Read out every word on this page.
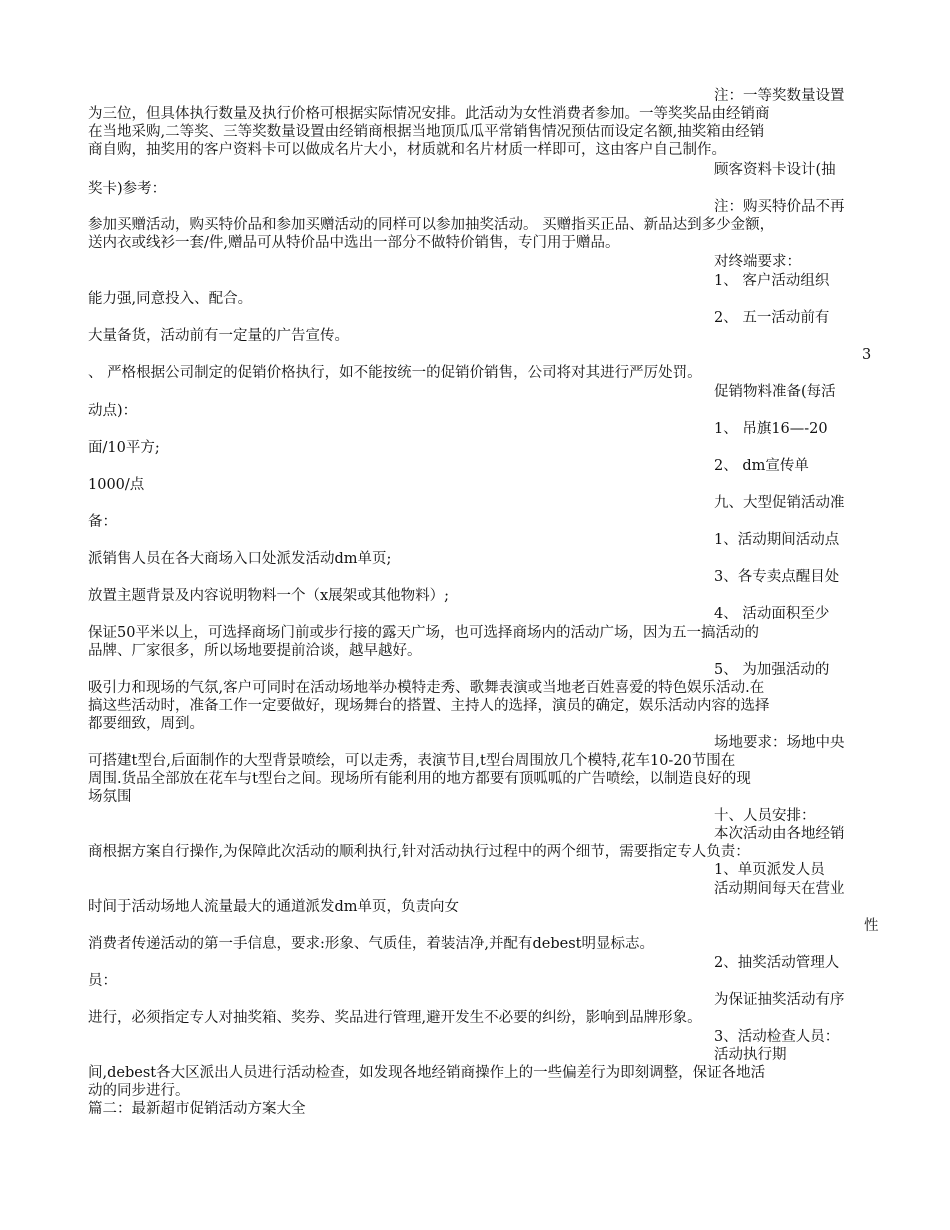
注：一等奖数量设置
为三位，但具体执行数量及执行价格可根据实际情况安排。此活动为女性消费者参加。一等奖奖品由经销商
在当地采购,二等奖、三等奖数量设置由经销商根据当地顶瓜瓜平常销售情况预估而设定名额,抽奖箱由经销
商自购，抽奖用的客户资料卡可以做成名片大小，材质就和名片材质一样即可，这由客户自己制作。
顾客资料卡设计(抽
奖卡)参考：
注：购买特价品不再
参加买赠活动，购买特价品和参加买赠活动的同样可以参加抽奖活动。 买赠指买正品、新品达到多少金额，
送内衣或线衫一套/件,赠品可从特价品中选出一部分不做特价销售，专门用于赠品。
对终端要求：
1、 客户活动组织
能力强,同意投入、配合。
2、 五一活动前有
大量备货，活动前有一定量的广告宣传。
3
、 严格根据公司制定的促销价格执行，如不能按统一的促销价销售，公司将对其进行严厉处罚。
促销物料准备(每活
动点)：
1、 吊旗16—-20
面/10平方;
2、 dm宣传单
1000/点
九、大型促销活动准
备：
1、活动期间活动点
派销售人员在各大商场入口处派发活动dm单页;
3、各专卖点醒目处
放置主题背景及内容说明物料一个（x展架或其他物料）;
4、 活动面积至少
保证50平米以上，可选择商场门前或步行接的露天广场，也可选择商场内的活动广场，因为五一搞活动的
品牌、厂家很多，所以场地要提前洽谈，越早越好。
5、 为加强活动的
吸引力和现场的气氛,客户可同时在活动场地举办模特走秀、歌舞表演或当地老百姓喜爱的特色娱乐活动.在
搞这些活动时，准备工作一定要做好，现场舞台的搭置、主持人的选择，演员的确定，娱乐活动内容的选择
都要细致，周到。
场地要求：场地中央
可搭建t型台,后面制作的大型背景喷绘，可以走秀，表演节目,t型台周围放几个模特,花车10-20节围在
周围.货品全部放在花车与t型台之间。现场所有能利用的地方都要有顶呱呱的广告喷绘，以制造良好的现
场氛围
十、人员安排：
本次活动由各地经销
商根据方案自行操作,为保障此次活动的顺利执行,针对活动执行过程中的两个细节，需要指定专人负责：
1、单页派发人员
活动期间每天在营业
时间于活动场地人流量最大的通道派发dm单页，负责向女
性
消费者传递活动的第一手信息，要求:形象、气质佳，着装洁净,并配有debest明显标志。
2、抽奖活动管理人
员：
为保证抽奖活动有序
进行，必须指定专人对抽奖箱、奖券、奖品进行管理,避开发生不必要的纠纷，影响到品牌形象。
3、活动检查人员：
活动执行期
间,debest各大区派出人员进行活动检查，如发现各地经销商操作上的一些偏差行为即刻调整，保证各地活
动的同步进行。
篇二：最新超市促销活动方案大全
